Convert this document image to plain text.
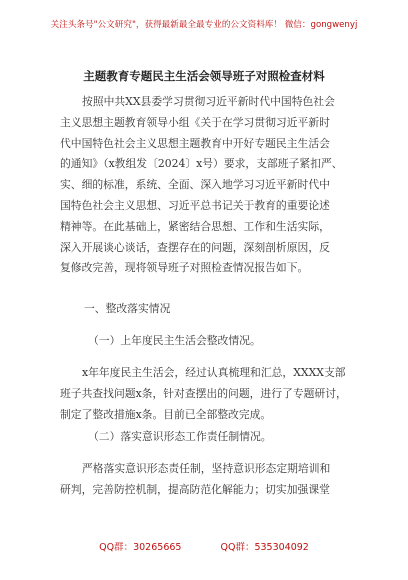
关注头条号"公文研究"，获得最新最全最专业的公文资料库！ 微信：gongwenyj
主题教育专题民主生活会领导班子对照检查材料
按照中共XX县委学习贯彻习近平新时代中国特色社会
主义思想主题教育领导小组《关于在学习贯彻习近平新时
代中国特色社会主义思想主题教育中开好专题民主生活会
的通知》（x教组发〔2024〕x号）要求，支部班子紧扣严、
实、细的标准，系统、全面、深入地学习习近平新时代中
国特色社会主义思想、习近平总书记关于教育的重要论述
精神等。在此基础上，紧密结合思想、工作和生活实际，
深入开展谈心谈话，查摆存在的问题，深刻剖析原因，反
复修改完善，现将领导班子对照检查情况报告如下。
一、整改落实情况
（一）上年度民主生活会整改情况。
x年年度民主生活会，经过认真梳理和汇总，XXXX支部
班子共查找问题x条，针对查摆出的问题，进行了专题研讨，
制定了整改措施x条。目前已全部整改完成。
（二）落实意识形态工作责任制情况。
严格落实意识形态责任制，坚持意识形态定期培训和
研判，完善防控机制，提高防范化解能力；切实加强课堂
QQ群：30265665	QQ群：535304092
